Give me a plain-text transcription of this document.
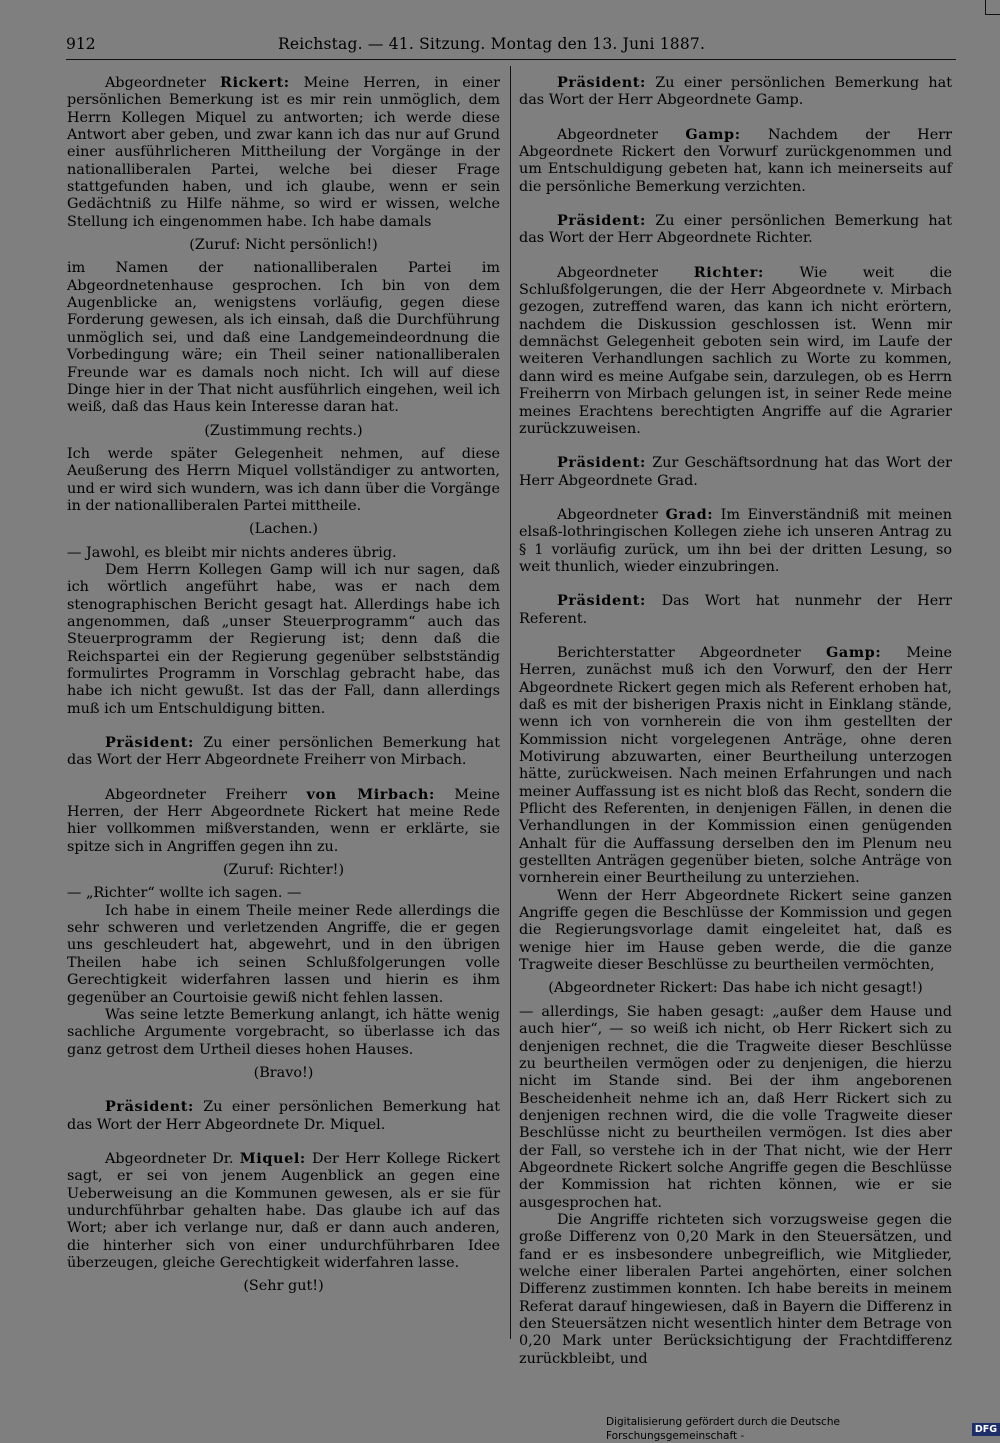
912	Reichstag. — 41. Sitzung. Montag den 13. Juni 1887.

Abgeordneter Rickert: Meine Herren, in einer persönlichen Bemerkung ist es mir rein unmöglich, dem Herrn Kollegen Miquel zu antworten; ich werde diese Antwort aber geben, und zwar kann ich das nur auf Grund einer ausführlicheren Mittheilung der Vorgänge in der nationalliberalen Partei, welche bei dieser Frage stattgefunden haben, und ich glaube, wenn er sein Gedächtniß zu Hilfe nähme, so wird er wissen, welche Stellung ich eingenommen habe. Ich habe damals

(Zuruf: Nicht persönlich!)

im Namen der nationalliberalen Partei im Abgeordnetenhause gesprochen. Ich bin von dem Augenblicke an, wenigstens vorläufig, gegen diese Forderung gewesen, als ich einsah, daß die Durchführung unmöglich sei, und daß eine Landgemeindeordnung die Vorbedingung wäre; ein Theil seiner nationalliberalen Freunde war es damals noch nicht. Ich will auf diese Dinge hier in der That nicht ausführlich eingehen, weil ich weiß, daß das Haus kein Interesse daran hat.

(Zustimmung rechts.)

Ich werde später Gelegenheit nehmen, auf diese Aeußerung des Herrn Miquel vollständiger zu antworten, und er wird sich wundern, was ich dann über die Vorgänge in der nationalliberalen Partei mittheile.

(Lachen.)

— Jawohl, es bleibt mir nichts anderes übrig.

Dem Herrn Kollegen Gamp will ich nur sagen, daß ich wörtlich angeführt habe, was er nach dem stenographischen Bericht gesagt hat. Allerdings habe ich angenommen, daß „unser Steuerprogramm“ auch das Steuerprogramm der Regierung ist; denn daß die Reichspartei ein der Regierung gegenüber selbstständig formulirtes Programm in Vorschlag gebracht habe, das habe ich nicht gewußt. Ist das der Fall, dann allerdings muß ich um Entschuldigung bitten.

Präsident: Zu einer persönlichen Bemerkung hat das Wort der Herr Abgeordnete Freiherr von Mirbach.

Abgeordneter Freiherr von Mirbach: Meine Herren, der Herr Abgeordnete Rickert hat meine Rede hier vollkommen mißverstanden, wenn er erklärte, sie spitze sich in Angriffen gegen ihn zu.

(Zuruf: Richter!)

— „Richter“ wollte ich sagen. —

Ich habe in einem Theile meiner Rede allerdings die sehr schweren und verletzenden Angriffe, die er gegen uns geschleudert hat, abgewehrt, und in den übrigen Theilen habe ich seinen Schlußfolgerungen volle Gerechtigkeit widerfahren lassen und hierin es ihm gegenüber an Courtoisie gewiß nicht fehlen lassen.

Was seine letzte Bemerkung anlangt, ich hätte wenig sachliche Argumente vorgebracht, so überlasse ich das ganz getrost dem Urtheil dieses hohen Hauses.

(Bravo!)

Präsident: Zu einer persönlichen Bemerkung hat das Wort der Herr Abgeordnete Dr. Miquel.

Abgeordneter Dr. Miquel: Der Herr Kollege Rickert sagt, er sei von jenem Augenblick an gegen eine Ueberweisung an die Kommunen gewesen, als er sie für undurchführbar gehalten habe. Das glaube ich auf das Wort; aber ich verlange nur, daß er dann auch anderen, die hinterher sich von einer undurchführbaren Idee überzeugen, gleiche Gerechtigkeit widerfahren lasse.

(Sehr gut!)

Präsident: Zu einer persönlichen Bemerkung hat das Wort der Herr Abgeordnete Gamp.

Abgeordneter Gamp: Nachdem der Herr Abgeordnete Rickert den Vorwurf zurückgenommen und um Entschuldigung gebeten hat, kann ich meinerseits auf die persönliche Bemerkung verzichten.

Präsident: Zu einer persönlichen Bemerkung hat das Wort der Herr Abgeordnete Richter.

Abgeordneter Richter: Wie weit die Schlußfolgerungen, die der Herr Abgeordnete v. Mirbach gezogen, zutreffend waren, das kann ich nicht erörtern, nachdem die Diskussion geschlossen ist. Wenn mir demnächst Gelegenheit geboten sein wird, im Laufe der weiteren Verhandlungen sachlich zu Worte zu kommen, dann wird es meine Aufgabe sein, darzulegen, ob es Herrn Freiherrn von Mirbach gelungen ist, in seiner Rede meine meines Erachtens berechtigten Angriffe auf die Agrarier zurückzuweisen.

Präsident: Zur Geschäftsordnung hat das Wort der Herr Abgeordnete Grad.

Abgeordneter Grad: Im Einverständniß mit meinen elsaß-lothringischen Kollegen ziehe ich unseren Antrag zu § 1 vorläufig zurück, um ihn bei der dritten Lesung, so weit thunlich, wieder einzubringen.

Präsident: Das Wort hat nunmehr der Herr Referent.

Berichterstatter Abgeordneter Gamp: Meine Herren, zunächst muß ich den Vorwurf, den der Herr Abgeordnete Rickert gegen mich als Referent erhoben hat, daß es mit der bisherigen Praxis nicht in Einklang stände, wenn ich von vornherein die von ihm gestellten der Kommission nicht vorgelegenen Anträge, ohne deren Motivirung abzuwarten, einer Beurtheilung unterzogen hätte, zurückweisen. Nach meinen Erfahrungen und nach meiner Auffassung ist es nicht bloß das Recht, sondern die Pflicht des Referenten, in denjenigen Fällen, in denen die Verhandlungen in der Kommission einen genügenden Anhalt für die Auffassung derselben den im Plenum neu gestellten Anträgen gegenüber bieten, solche Anträge von vornherein einer Beurtheilung zu unterziehen.

Wenn der Herr Abgeordnete Rickert seine ganzen Angriffe gegen die Beschlüsse der Kommission und gegen die Regierungsvorlage damit eingeleitet hat, daß es wenige hier im Hause geben werde, die die ganze Tragweite dieser Beschlüsse zu beurtheilen vermöchten,

(Abgeordneter Rickert: Das habe ich nicht gesagt!)

— allerdings, Sie haben gesagt: „außer dem Hause und auch hier“, — so weiß ich nicht, ob Herr Rickert sich zu denjenigen rechnet, die die Tragweite dieser Beschlüsse zu beurtheilen vermögen oder zu denjenigen, die hierzu nicht im Stande sind. Bei der ihm angeborenen Bescheidenheit nehme ich an, daß Herr Rickert sich zu denjenigen rechnen wird, die die volle Tragweite dieser Beschlüsse nicht zu beurtheilen vermögen. Ist dies aber der Fall, so verstehe ich in der That nicht, wie der Herr Abgeordnete Rickert solche Angriffe gegen die Beschlüsse der Kommission hat richten können, wie er sie ausgesprochen hat.

Die Angriffe richteten sich vorzugsweise gegen die große Differenz von 0,20 Mark in den Steuersätzen, und fand er es insbesondere unbegreiflich, wie Mitglieder, welche einer liberalen Partei angehörten, einer solchen Differenz zustimmen konnten. Ich habe bereits in meinem Referat darauf hingewiesen, daß in Bayern die Differenz in den Steuersätzen nicht wesentlich hinter dem Betrage von 0,20 Mark unter Berücksichtigung der Frachtdifferenz zurückbleibt, und

Digitalisierung gefördert durch die Deutsche Forschungsgemeinschaft -
DFG
